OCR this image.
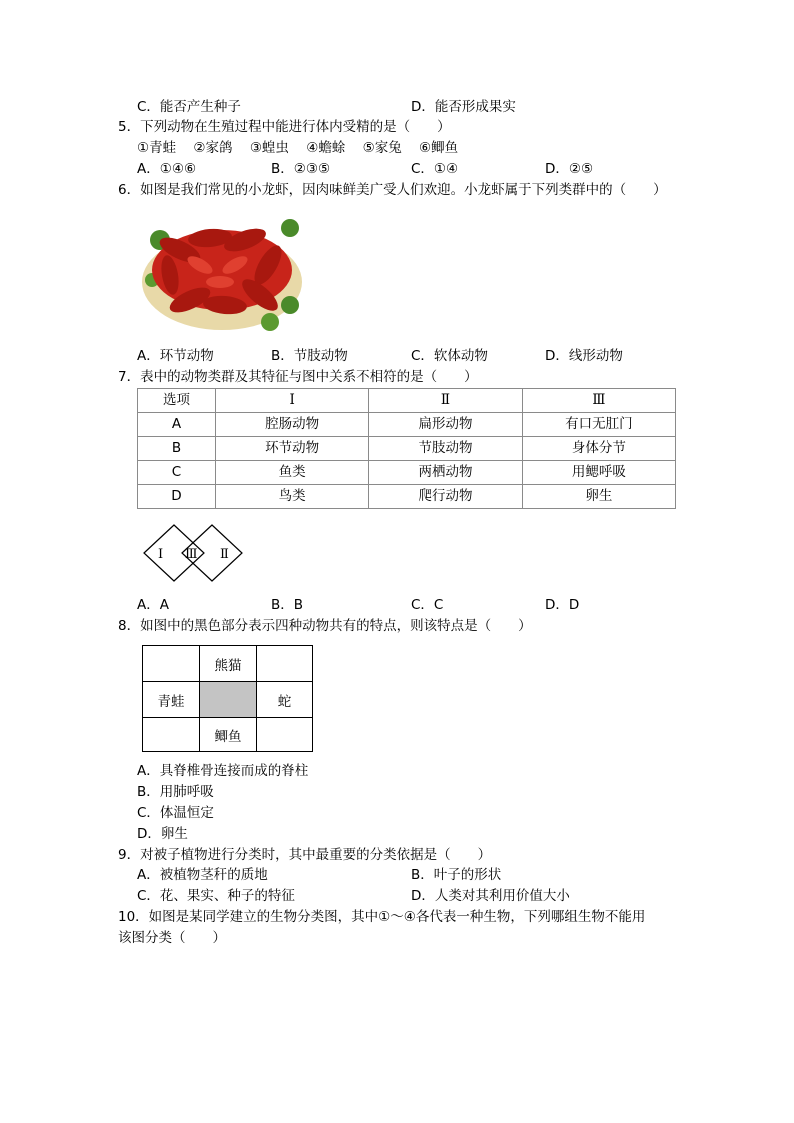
C．能否产生种子	D．能否形成果实
5．下列动物在生殖过程中能进行体内受精的是（　　）
①青蛙 ②家鸽 ③蝗虫 ④蟾蜍 ⑤家兔 ⑥鲫鱼
A．①④⑥	B．②③⑤	C．①④	D．②⑤
6．如图是我们常见的小龙虾，因肉味鲜美广受人们欢迎。小龙虾属于下列类群中的（　　）
A．环节动物	B．节肢动物	C．软体动物	D．线形动物
7．表中的动物类群及其特征与图中关系不相符的是（　　）
选项	Ⅰ	Ⅱ	Ⅲ
A	腔肠动物	扁形动物	有口无肛门
B	环节动物	节肢动物	身体分节
C	鱼类	两栖动物	用鳃呼吸
D	鸟类	爬行动物	卵生
Ⅰ Ⅲ Ⅱ
A．A	B．B	C．C	D．D
8．如图中的黑色部分表示四种动物共有的特点，则该特点是（　　）
熊猫
青蛙	蛇
鲫鱼
A．具脊椎骨连接而成的脊柱
B．用肺呼吸
C．体温恒定
D．卵生
9．对被子植物进行分类时，其中最重要的分类依据是（　　）
A．被植物茎秆的质地	B．叶子的形状
C．花、果实、种子的特征	D．人类对其利用价值大小
10．如图是某同学建立的生物分类图，其中①～④各代表一种生物，下列哪组生物不能用
该图分类（　　）
